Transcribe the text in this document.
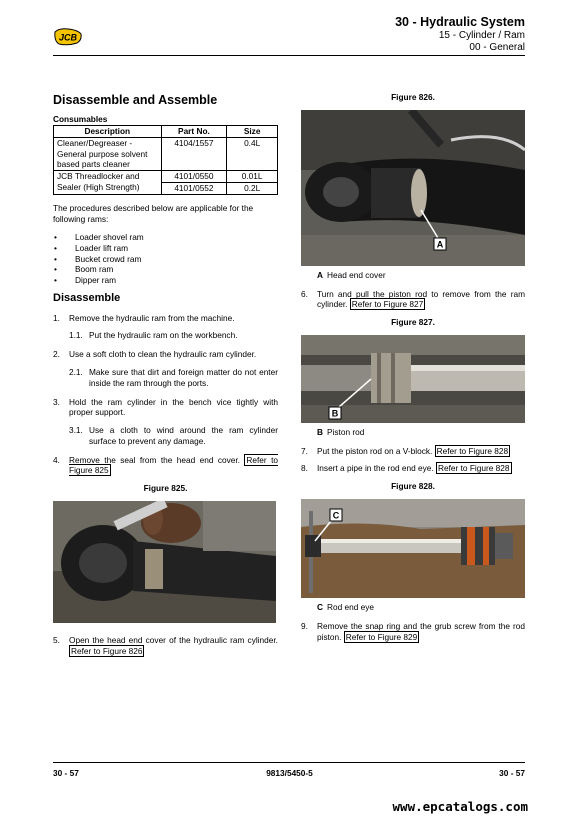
JCB
30 - Hydraulic System
15 - Cylinder / Ram
00 - General
Disassemble and Assemble
Consumables
Description	Part No.	Size
Cleaner/Degreaser - General purpose solvent based parts cleaner	4104/1557	0.4L
JCB Threadlocker and Sealer (High Strength)	4101/0550	0.01L
	4101/0552	0.2L

The procedures described below are applicable for the following rams:

• Loader shovel ram
• Loader lift ram
• Bucket crowd ram
• Boom ram
• Dipper ram
Disassemble
1. Remove the hydraulic ram from the machine.
1.1. Put the hydraulic ram on the workbench.
2. Use a soft cloth to clean the hydraulic ram cylinder.
2.1. Make sure that dirt and foreign matter do not enter inside the ram through the ports.
3. Hold the ram cylinder in the bench vice tightly with proper support.
3.1. Use a cloth to wind around the ram cylinder surface to prevent any damage.
4. Remove the seal from the head end cover. Refer to Figure 825
Figure 825.
5. Open the head end cover of the hydraulic ram cylinder. Refer to Figure 826
Figure 826.
A
A Head end cover
6. Turn and pull the piston rod to remove from the ram cylinder. Refer to Figure 827
Figure 827.
B
B Piston rod
7. Put the piston rod on a V-block. Refer to Figure 828
8. Insert a pipe in the rod end eye. Refer to Figure 828
Figure 828.
C
C Rod end eye
9. Remove the snap ring and the grub screw from the rod piston. Refer to Figure 829
30 - 57	9813/5450-5	30 - 57
www.epcatalogs.com
